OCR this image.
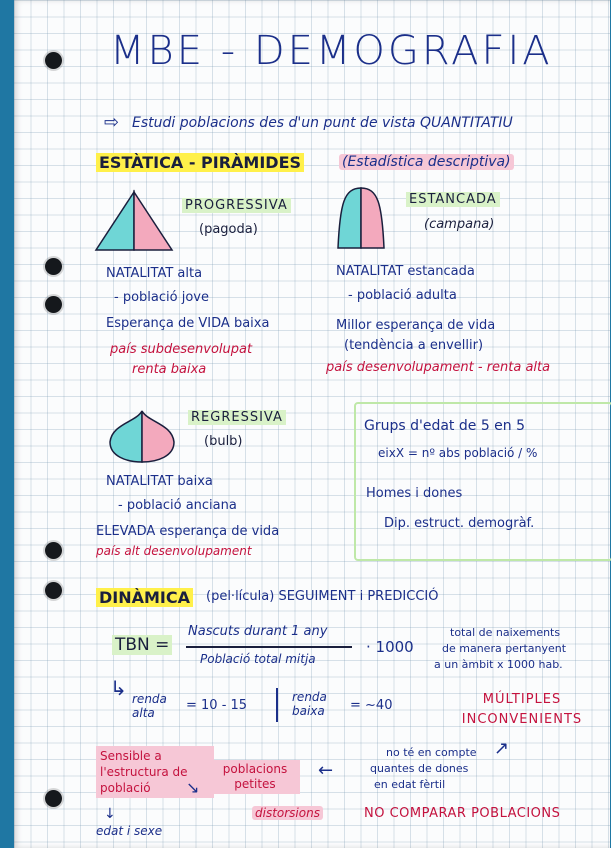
MBE - DEMOGRAFIA
⇨ Estudi poblacions des d'un punt de vista QUANTITATIU
ESTÀTICA - PIRÀMIDES	(Estadística descriptiva)
PROGRESSIVA
(pagoda)
ESTANCADA
(campana)
NATALITAT alta
- població jove
Esperança de VIDA baixa
país subdesenvolupat
renta baixa
NATALITAT estancada
- població adulta
Millor esperança de vida
(tendència a envellir)
país desenvolupament - renta alta
REGRESSIVA
(bulb)
NATALITAT baixa
- població anciana
ELEVADA esperança de vida
país alt desenvolupament
Grups d'edat de 5 en 5
eixX = nº abs població / %
Homes i dones
Dip. estruct. demogràf.
DINÀMICA (pel·lícula) SEGUIMENT i PREDICCIÓ
TBN =
Nascuts durant 1 any
Població total mitja
· 1000
total de naixements
de manera pertanyent
a un àmbit x 1000 hab.
↳ renda alta	= 10 - 15
renda baixa	= ~40	MÚLTIPLES INCONVENIENTS
Sensible a l'estructura de població	↘
poblacions petites
←
no té en compte
quantes de dones
en edat fèrtil
↗
distorsions
↓
edat i sexe
NO COMPARAR POBLACIONS
